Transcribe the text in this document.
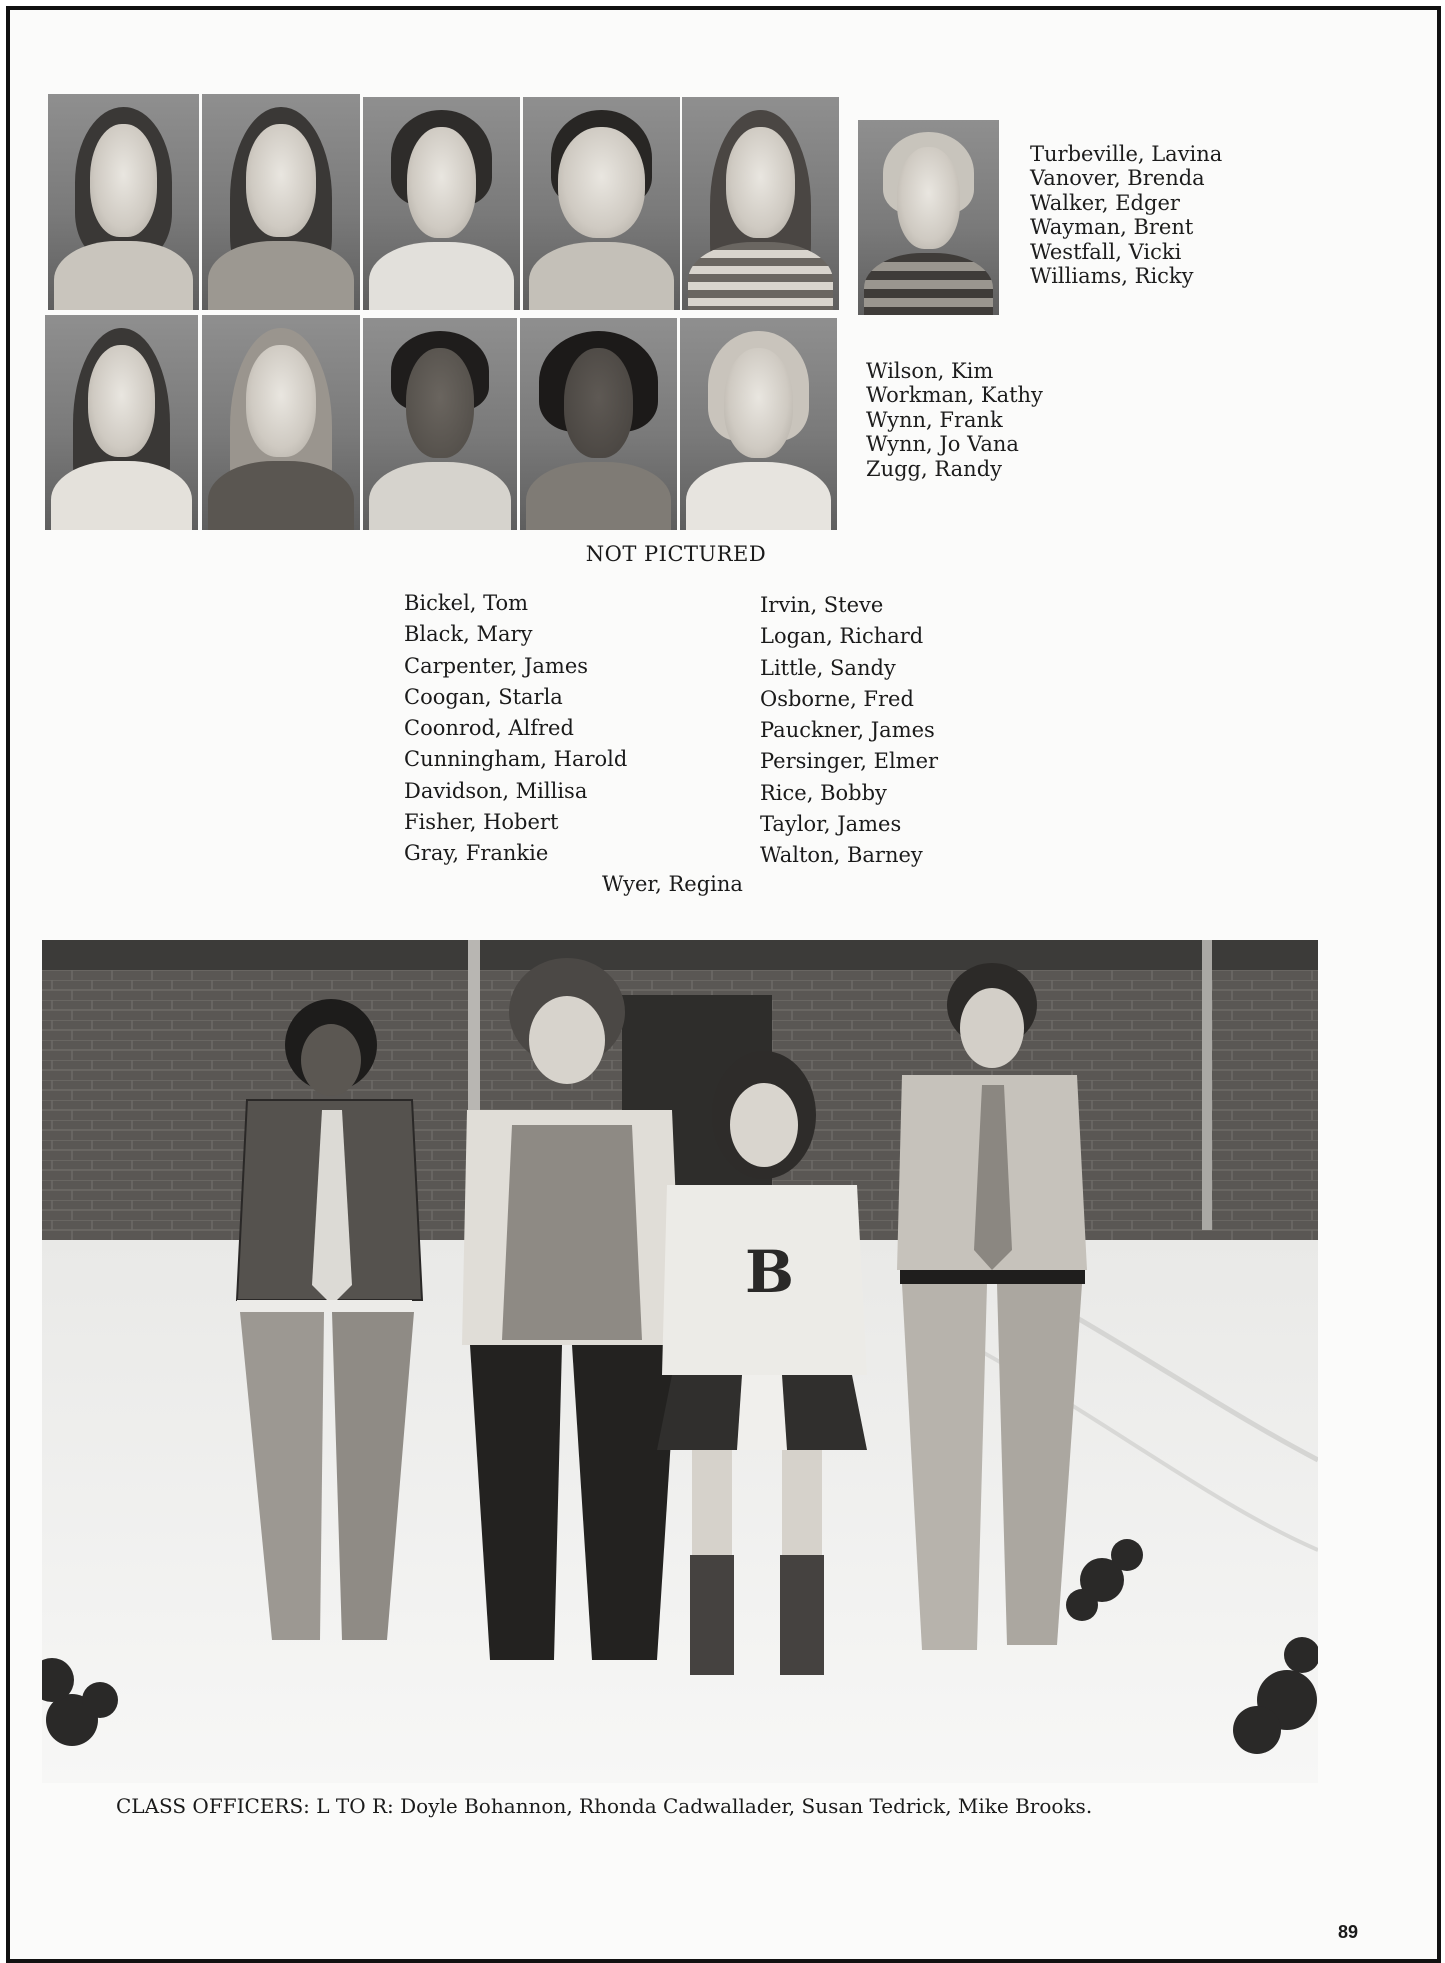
Turbeville, Lavina
Vanover, Brenda
Walker, Edger
Wayman, Brent
Westfall, Vicki
Williams, Ricky
Wilson, Kim
Workman, Kathy
Wynn, Frank
Wynn, Jo Vana
Zugg, Randy
NOT PICTURED
Bickel, Tom
Black, Mary
Carpenter, James
Coogan, Starla
Coonrod, Alfred
Cunningham, Harold
Davidson, Millisa
Fisher, Hobert
Gray, Frankie
Irvin, Steve
Logan, Richard
Little, Sandy
Osborne, Fred
Pauckner, James
Persinger, Elmer
Rice, Bobby
Taylor, James
Walton, Barney
Wyer, Regina
B
CLASS OFFICERS: L TO R: Doyle Bohannon, Rhonda Cadwallader, Susan Tedrick, Mike Brooks.
89
